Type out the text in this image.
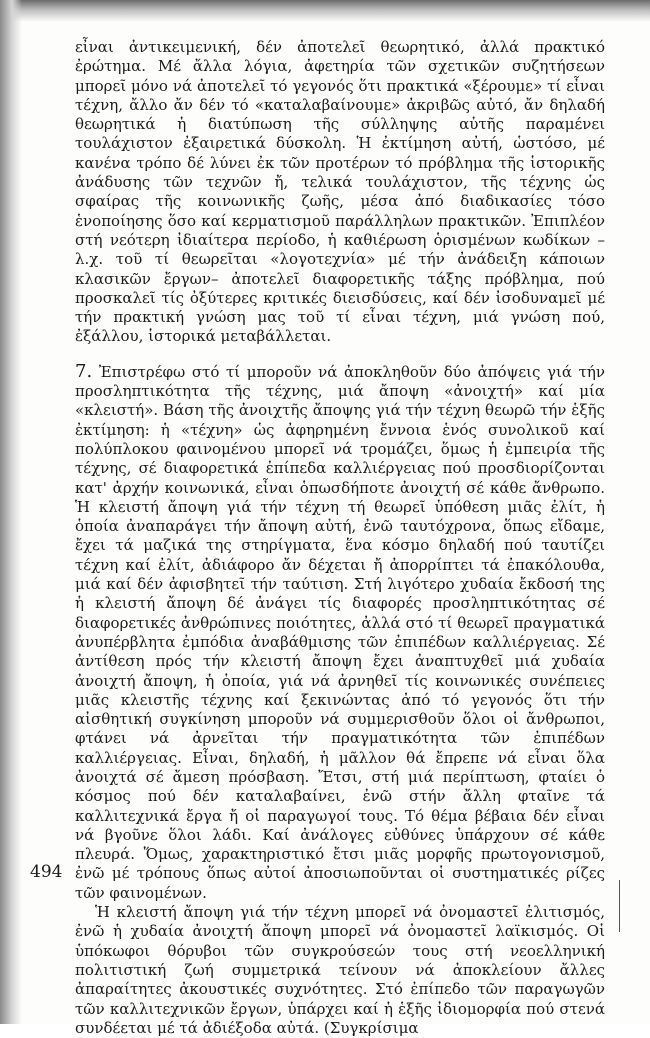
εἶναι ἀντικειμενική, δέν ἀποτελεῖ θεωρητικό, ἀλλά πρακτικό ἐρώτημα. Μέ ἄλλα λόγια, ἀφετηρία τῶν σχετικῶν συζητήσεων μπορεῖ μόνο νά ἀποτελεῖ τό γεγονός ὅτι πρακτικά «ξέρουμε» τί εἶναι τέχνη, ἄλλο ἄν δέν τό «καταλαβαίνουμε» ἀκριβῶς αὐτό, ἄν δηλαδή θεωρητικά ἡ διατύπωση τῆς σύλληψης αὐτῆς παραμένει τουλάχιστον ἐξαιρετικά δύσκολη. Ἡ ἐκτίμηση αὐτή, ὡστόσο, μέ κανένα τρόπο δέ λύνει ἐκ τῶν προτέρων τό πρόβλημα τῆς ἱστορικῆς ἀνάδυσης τῶν τεχνῶν ἤ, τελικά τουλάχιστον, τῆς τέχνης ὡς σφαίρας τῆς κοινωνικῆς ζωῆς, μέσα ἀπό διαδικασίες τόσο ἑνοποίησης ὅσο καί κερματισμοῦ παράλληλων πρακτικῶν. Ἐπιπλέον στή νεότερη ἰδιαίτερα περίοδο, ἡ καθιέρωση ὁρισμένων κωδίκων –λ.χ. τοῦ τί θεωρεῖται «λογοτεχνία» μέ τήν ἀνάδειξη κάποιων κλασικῶν ἔργων– ἀποτελεῖ διαφορετικῆς τάξης πρόβλημα, πού προσκαλεῖ τίς ὀξύτερες κριτικές διεισδύσεις, καί δέν ἰσοδυναμεῖ μέ τήν πρακτική γνώση μας τοῦ τί εἶναι τέχνη, μιά γνώση πού, ἐξάλλου, ἱστορικά μεταβάλλεται.

7. Ἐπιστρέφω στό τί μποροῦν νά ἀποκληθοῦν δύο ἀπόψεις γιά τήν προσληπτικότητα τῆς τέχνης, μιά ἄποψη «ἀνοιχτή» καί μία «κλειστή». Βάση τῆς ἀνοιχτῆς ἄποψης γιά τήν τέχνη θεωρῶ τήν ἑξῆς ἐκτίμηση: ἡ «τέχνη» ὡς ἀφηρημένη ἔννοια ἑνός συνολικοῦ καί πολύπλοκου φαινομένου μπορεῖ νά τρομάζει, ὅμως ἡ ἐμπειρία τῆς τέχνης, σέ διαφορετικά ἐπίπεδα καλλιέργειας πού προσδιορίζονται κατ' ἀρχήν κοινωνικά, εἶναι ὁπωσδήποτε ἀνοιχτή σέ κάθε ἄνθρωπο. Ἡ κλειστή ἄποψη γιά τήν τέχνη τή θεωρεῖ ὑπόθεση μιᾶς ἐλίτ, ἡ ὁποία ἀναπαράγει τήν ἄποψη αὐτή, ἐνῶ ταυτόχρονα, ὅπως εἴδαμε, ἔχει τά μαζικά της στηρίγματα, ἕνα κόσμο δηλαδή πού ταυτίζει τέχνη καί ἐλίτ, ἀδιάφορο ἄν δέχεται ἤ ἀπορρίπτει τά ἐπακόλουθα, μιά καί δέν ἀφισβητεῖ τήν ταύτιση. Στή λιγότερο χυδαία ἔκδοσή της ἡ κλειστή ἄποψη δέ ἀνάγει τίς διαφορές προσληπτικότητας σέ διαφορετικές ἀνθρώπινες ποιότητες, ἀλλά στό τί θεωρεῖ πραγματικά ἀνυπέρβλητα ἐμπόδια ἀναβάθμισης τῶν ἐπιπέδων καλλιέργειας. Σέ ἀντίθεση πρός τήν κλειστή ἄποψη ἔχει ἀναπτυχθεῖ μιά χυδαία ἀνοιχτή ἄποψη, ἡ ὁποία, γιά νά ἀρνηθεῖ τίς κοινωνικές συνέπειες μιᾶς κλειστῆς τέχνης καί ξεκινώντας ἀπό τό γεγονός ὅτι τήν αἰσθητική συγκίνηση μποροῦν νά συμμερισθοῦν ὅλοι οἱ ἄνθρωποι, φτάνει νά ἀρνεῖται τήν πραγματικότητα τῶν ἐπιπέδων καλλιέργειας. Εἶναι, δηλαδή, ἡ μᾶλλον θά ἔπρεπε νά εἶναι ὅλα ἀνοιχτά σέ ἄμεση πρόσβαση. Ἔτσι, στή μιά περίπτωση, φταίει ὁ κόσμος πού δέν καταλαβαίνει, ἐνῶ στήν ἄλλη φταῖνε τά καλλιτεχνικά ἔργα ἤ οἱ παραγωγοί τους. Τό θέμα βέβαια δέν εἶναι νά βγοῦνε ὅλοι λάδι. Καί ἀνάλογες εὐθύνες ὑπάρχουν σέ κάθε πλευρά. Ὅμως, χαρακτηριστικό ἔτσι μιᾶς μορφῆς πρωτογονισμοῦ, ἐνῶ μέ τρόπους ὅπως αὐτοί ἀποσιωποῦνται οἱ συστηματικές ρίζες τῶν φαινομένων.

Ἡ κλειστή ἄποψη γιά τήν τέχνη μπορεῖ νά ὀνομαστεῖ ἐλιτισμός, ἐνῶ ἡ χυδαία ἀνοιχτή ἄποψη μπορεῖ νά ὀνομαστεῖ λαϊκισμός. Οἱ ὑπόκωφοι θόρυβοι τῶν συγκρούσεών τους στή νεοελληνική πολιτιστική ζωή συμμετρικά τείνουν νά ἀποκλείουν ἄλλες ἀπαραίτητες ἀκουστικές συχνότητες. Στό ἐπίπεδο τῶν παραγωγῶν τῶν καλλιτεχνικῶν ἔργων, ὑπάρχει καί ἡ ἑξῆς ἰδιομορφία πού στενά συνδέεται μέ τά ἀδιέξοδα αὐτά. (Συγκρίσιμα

494
